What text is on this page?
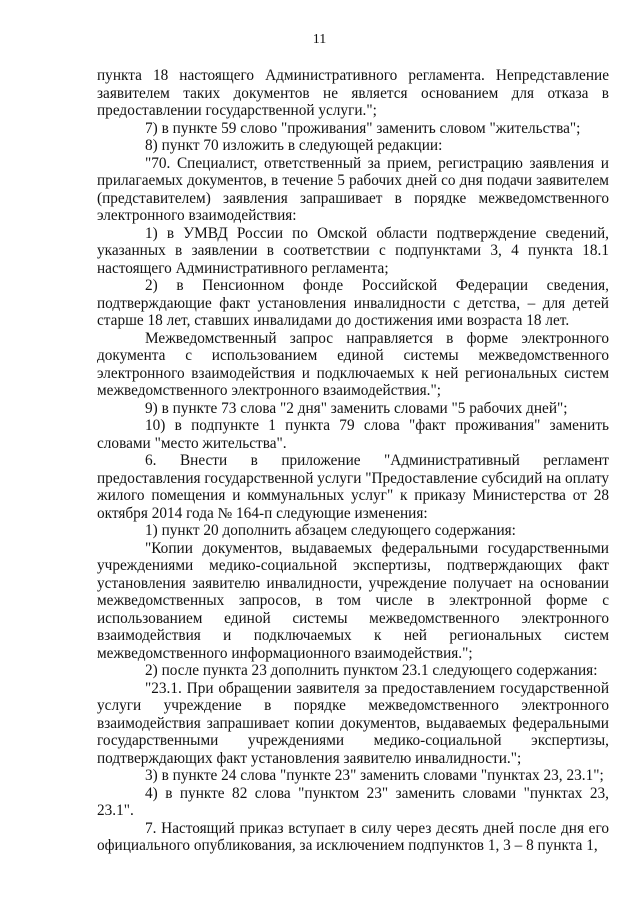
11

пункта 18 настоящего Административного регламента. Непредставление заявителем таких документов не является основанием для отказа в предоставлении государственной услуги.";

7) в пункте 59 слово "проживания" заменить словом "жительства";

8) пункт 70 изложить в следующей редакции:

"70. Специалист, ответственный за прием, регистрацию заявления и прилагаемых документов, в течение 5 рабочих дней со дня подачи заявителем (представителем) заявления запрашивает в порядке межведомственного электронного взаимодействия:

1) в УМВД России по Омской области подтверждение сведений, указанных в заявлении в соответствии с подпунктами 3, 4 пункта 18.1 настоящего Административного регламента;

2) в Пенсионном фонде Российской Федерации сведения, подтверждающие факт установления инвалидности с детства, – для детей старше 18 лет, ставших инвалидами до достижения ими возраста 18 лет.

Межведомственный запрос направляется в форме электронного документа с использованием единой системы межведомственного электронного взаимодействия и подключаемых к ней региональных систем межведомственного электронного взаимодействия.";

9) в пункте 73 слова "2 дня" заменить словами "5 рабочих дней";

10) в подпункте 1 пункта 79 слова "факт проживания" заменить словами "место жительства".

6. Внести в приложение "Административный регламент предоставления государственной услуги "Предоставление субсидий на оплату жилого помещения и коммунальных услуг" к приказу Министерства от 28 октября 2014 года № 164-п следующие изменения:

1) пункт 20 дополнить абзацем следующего содержания:

"Копии документов, выдаваемых федеральными государственными учреждениями медико-социальной экспертизы, подтверждающих факт установления заявителю инвалидности, учреждение получает на основании межведомственных запросов, в том числе в электронной форме с использованием единой системы межведомственного электронного взаимодействия и подключаемых к ней региональных систем межведомственного информационного взаимодействия.";

2) после пункта 23 дополнить пунктом 23.1 следующего содержания:

"23.1. При обращении заявителя за предоставлением государственной услуги учреждение в порядке межведомственного электронного взаимодействия запрашивает копии документов, выдаваемых федеральными государственными учреждениями медико-социальной экспертизы, подтверждающих факт установления заявителю инвалидности.";

3) в пункте 24 слова "пункте 23" заменить словами "пунктах 23, 23.1";

4) в пункте 82 слова "пунктом 23" заменить словами "пунктах 23, 23.1".

7. Настоящий приказ вступает в силу через десять дней после дня его официального опубликования, за исключением подпунктов 1, 3 – 8 пункта 1,
